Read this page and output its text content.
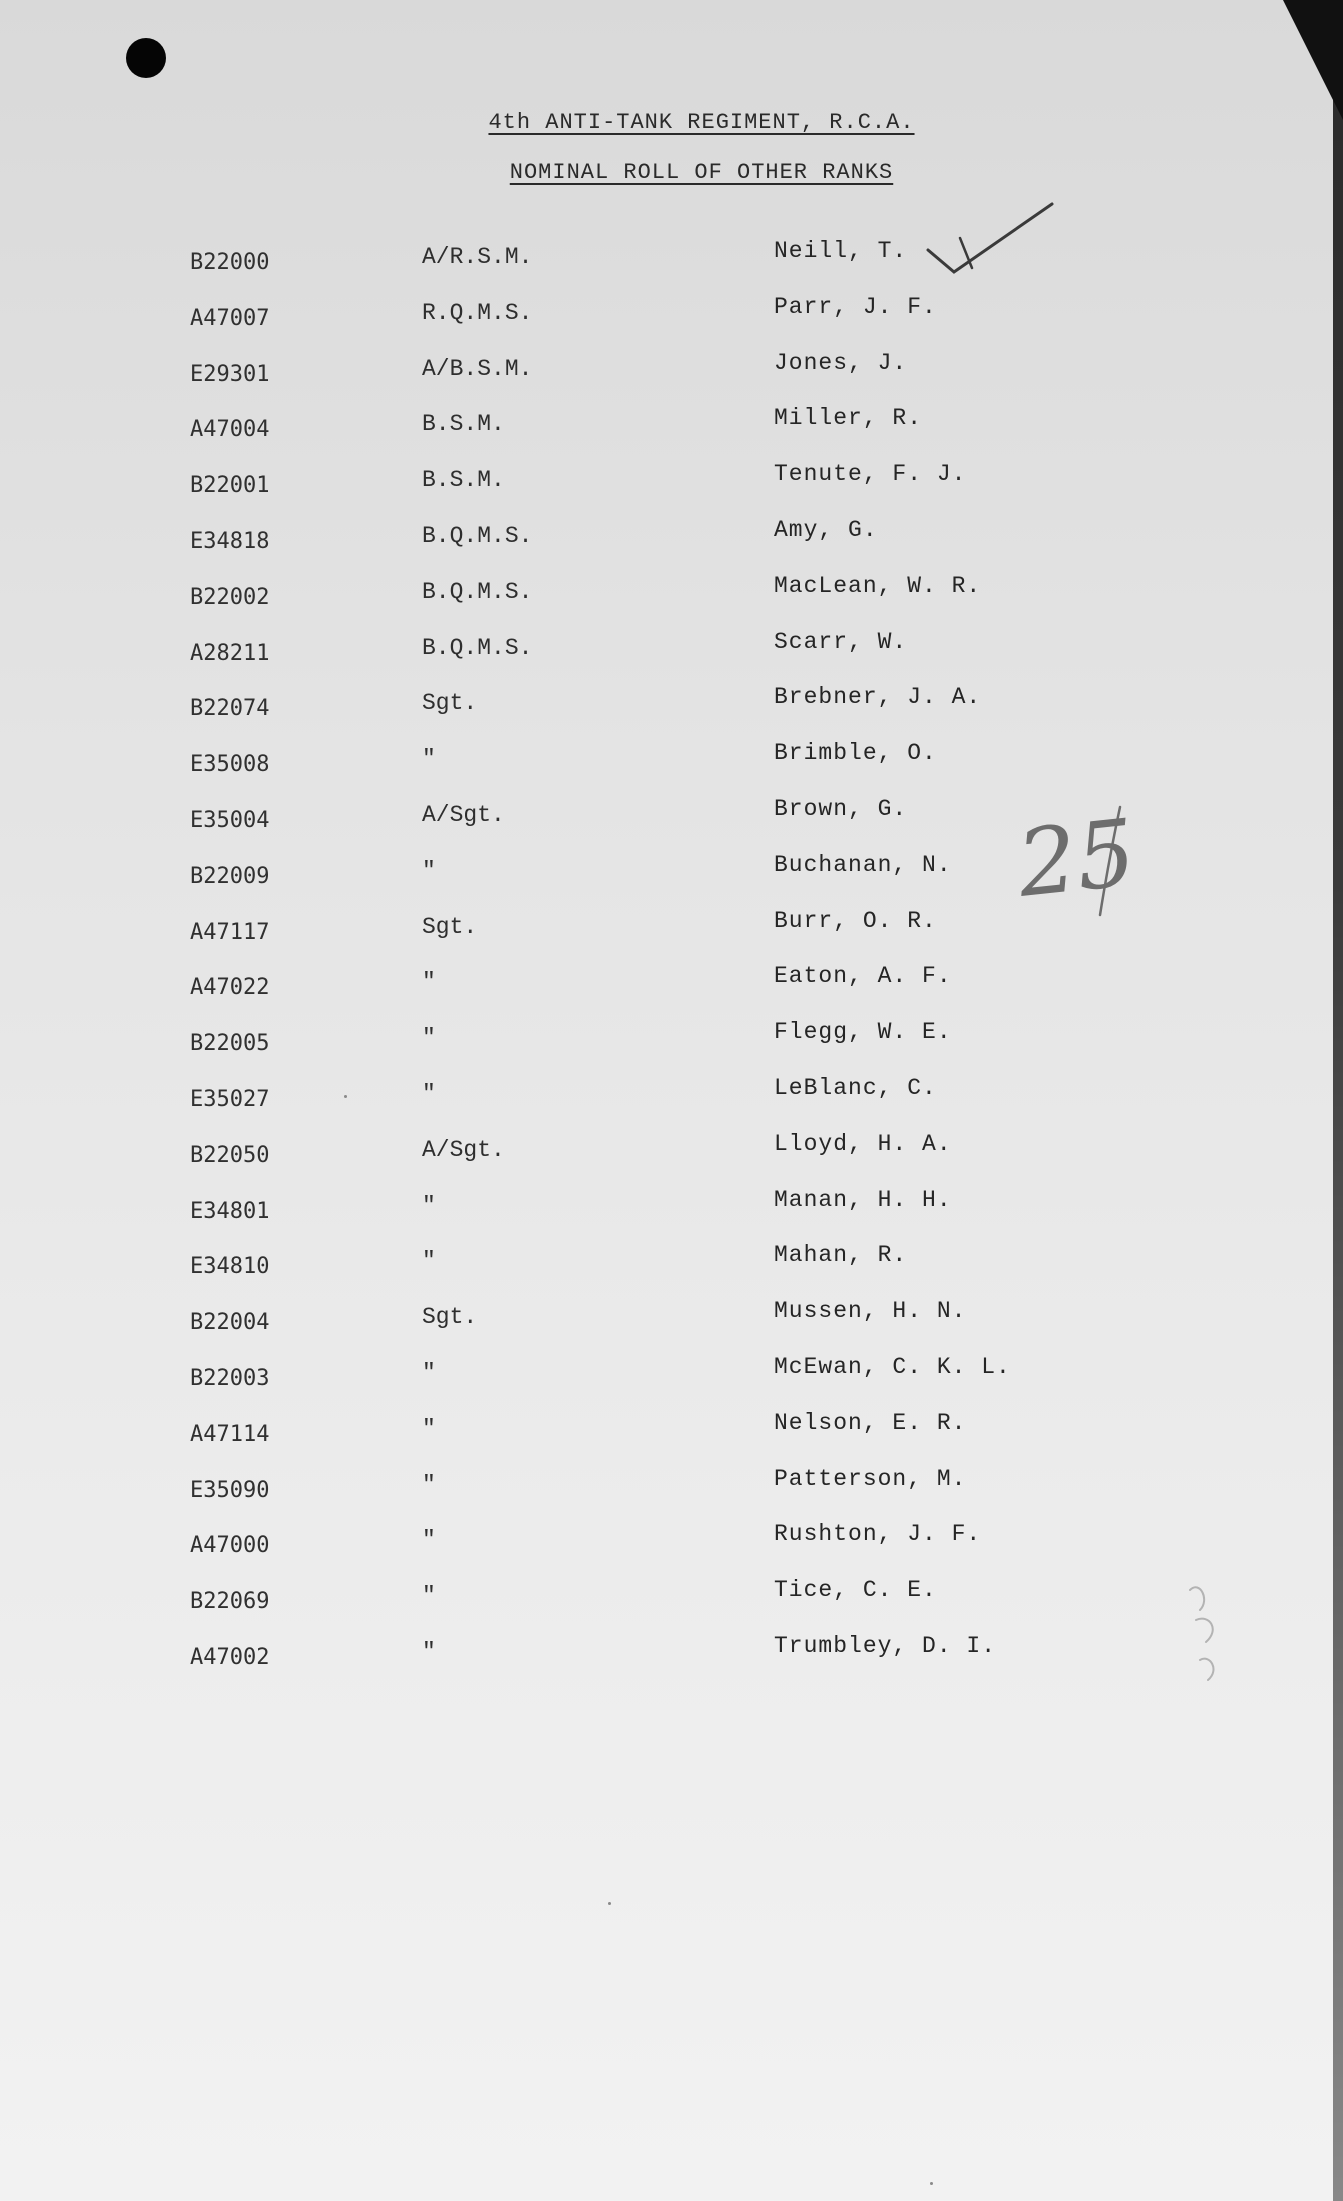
4th ANTI-TANK REGIMENT, R.C.A.
NOMINAL ROLL OF OTHER RANKS
25
B22000	A/R.S.M.	Neill, T.
A47007	R.Q.M.S.	Parr, J. F.
E29301	A/B.S.M.	Jones, J.
A47004	B.S.M.	Miller, R.
B22001	B.S.M.	Tenute, F. J.
E34818	B.Q.M.S.	Amy, G.
B22002	B.Q.M.S.	MacLean, W. R.
A28211	B.Q.M.S.	Scarr, W.
B22074	Sgt.	Brebner, J. A.
E35008	"	Brimble, O.
E35004	A/Sgt.	Brown, G.
B22009	"	Buchanan, N.
A47117	Sgt.	Burr, O. R.
A47022	"	Eaton, A. F.
B22005	"	Flegg, W. E.
E35027	"	LeBlanc, C.
B22050	A/Sgt.	Lloyd, H. A.
E34801	"	Manan, H. H.
E34810	"	Mahan, R.
B22004	Sgt.	Mussen, H. N.
B22003	"	McEwan, C. K. L.
A47114	"	Nelson, E. R.
E35090	"	Patterson, M.
A47000	"	Rushton, J. F.
B22069	"	Tice, C. E.
A47002	"	Trumbley, D. I.
